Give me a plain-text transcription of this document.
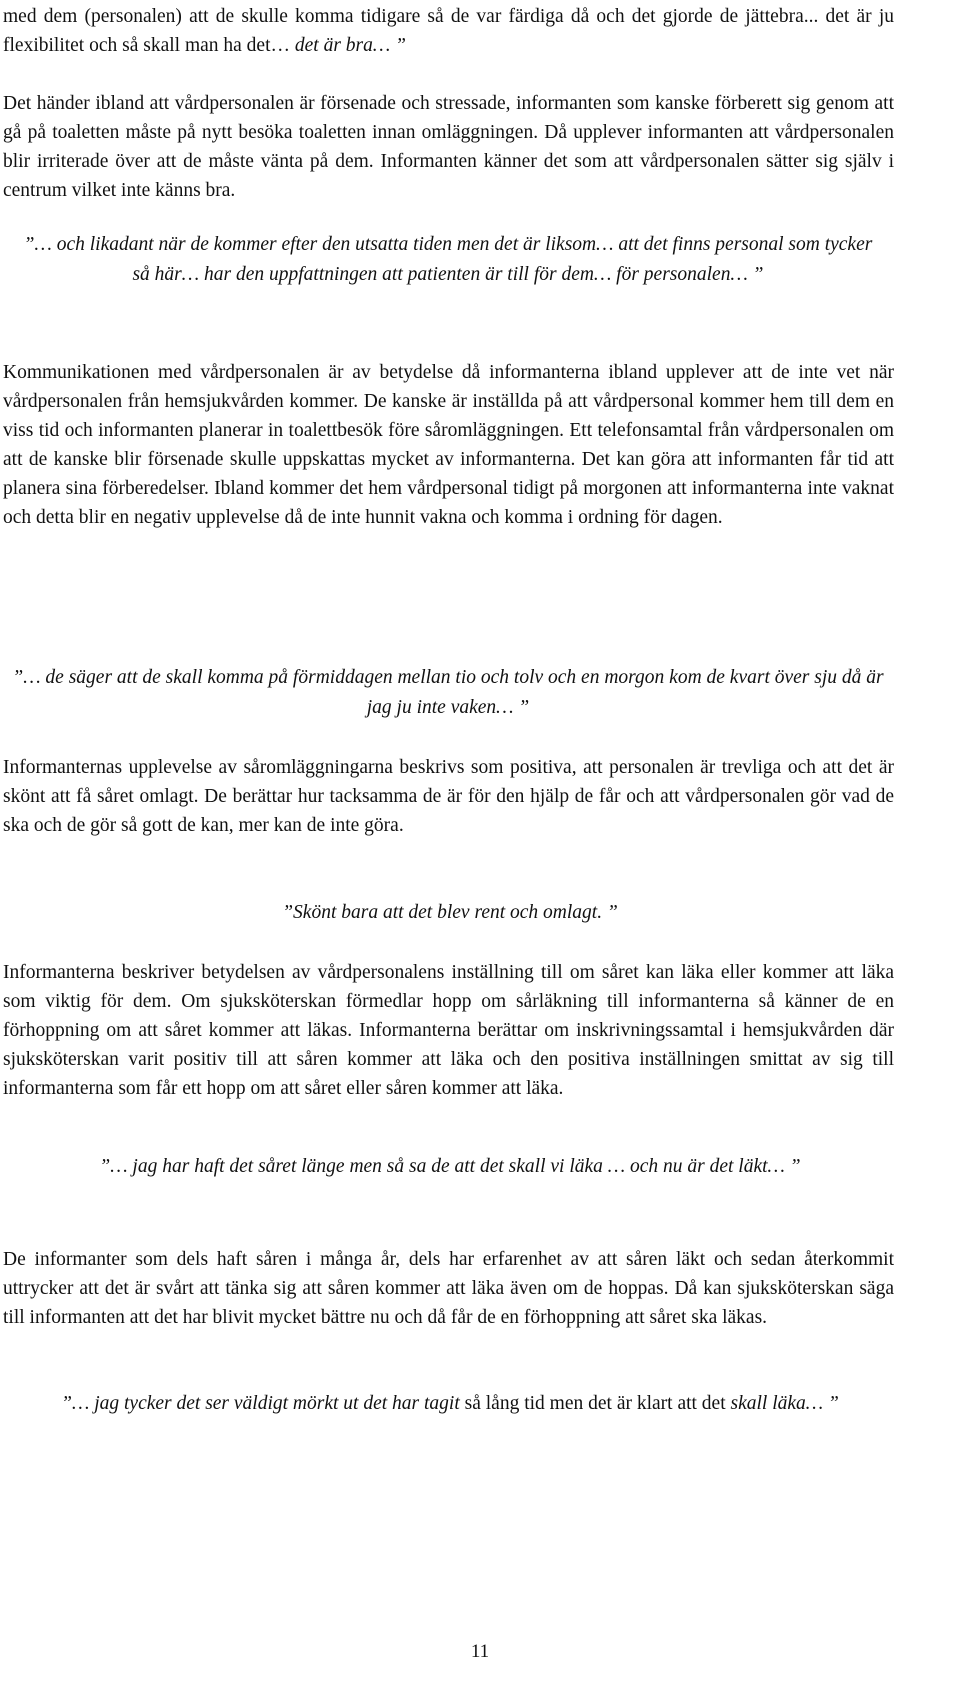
med dem (personalen) att de skulle komma tidigare så de var färdiga då och det gjorde de jättebra... det är ju flexibilitet och så skall man ha det… det är bra… ”

Det händer ibland att vårdpersonalen är försenade och stressade, informanten som kanske förberett sig genom att gå på toaletten måste på nytt besöka toaletten innan omläggningen. Då upplever informanten att vårdpersonalen blir irriterade över att de måste vänta på dem. Informanten känner det som att vårdpersonalen sätter sig själv i centrum vilket inte känns bra.

”… och likadant när de kommer efter den utsatta tiden men det är liksom… att det finns personal som tycker så här… har den uppfattningen att patienten är till för dem… för personalen… ”

Kommunikationen med vårdpersonalen är av betydelse då informanterna ibland upplever att de inte vet när vårdpersonalen från hemsjukvården kommer. De kanske är inställda på att vårdpersonal kommer hem till dem en viss tid och informanten planerar in toalettbesök före såromläggningen. Ett telefonsamtal från vårdpersonalen om att de kanske blir försenade skulle uppskattas mycket av informanterna. Det kan göra att informanten får tid att planera sina förberedelser. Ibland kommer det hem vårdpersonal tidigt på morgonen att informanterna inte vaknat och detta blir en negativ upplevelse då de inte hunnit vakna och komma i ordning för dagen.

”… de säger att de skall komma på förmiddagen mellan tio och tolv och en morgon kom de kvart över sju då är jag ju inte vaken… ”

Informanternas upplevelse av såromläggningarna beskrivs som positiva, att personalen är trevliga och att det är skönt att få såret omlagt. De berättar hur tacksamma de är för den hjälp de får och att vårdpersonalen gör vad de ska och de gör så gott de kan, mer kan de inte göra.

”Skönt bara att det blev rent och omlagt. ”

Informanterna beskriver betydelsen av vårdpersonalens inställning till om såret kan läka eller kommer att läka som viktig för dem. Om sjuksköterskan förmedlar hopp om sårläkning till informanterna så känner de en förhoppning om att såret kommer att läkas. Informanterna berättar om inskrivningssamtal i hemsjukvården där sjuksköterskan varit positiv till att såren kommer att läka och den positiva inställningen smittat av sig till informanterna som får ett hopp om att såret eller såren kommer att läka.

”… jag har haft det såret länge men så sa de att det skall vi läka … och nu är det läkt… ”

De informanter som dels haft såren i många år, dels har erfarenhet av att såren läkt och sedan återkommit uttrycker att det är svårt att tänka sig att såren kommer att läka även om de hoppas. Då kan sjuksköterskan säga till informanten att det har blivit mycket bättre nu och då får de en förhoppning att såret ska läkas.

”… jag tycker det ser väldigt mörkt ut det har tagit så lång tid men det är klart att det skall läka… ”

11
